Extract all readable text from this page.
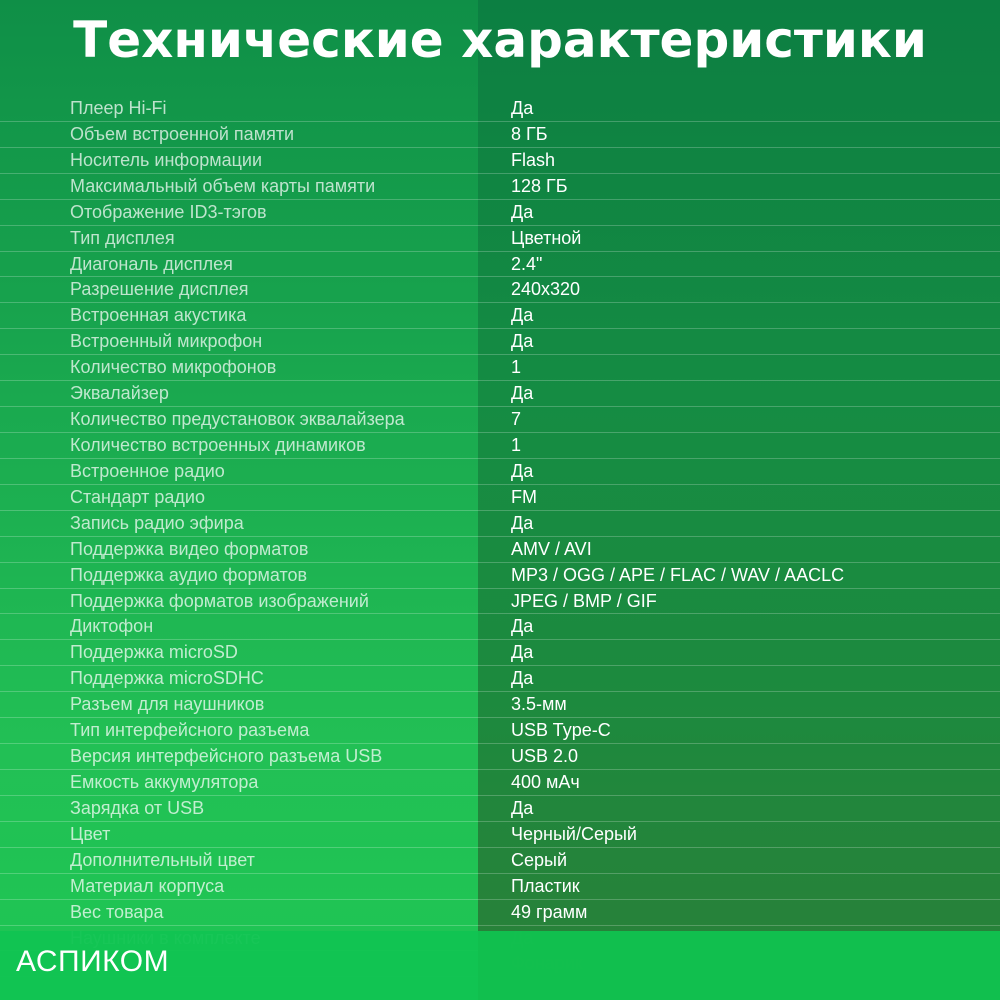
Технические характеристики
Плеер Hi-Fi	Да
Объем встроенной памяти	8 ГБ
Носитель информации	Flash
Максимальный объем карты памяти	128 ГБ
Отображение ID3-тэгов	Да
Тип дисплея	Цветной
Диагональ дисплея	2.4"
Разрешение дисплея	240x320
Встроенная акустика	Да
Встроенный микрофон	Да
Количество микрофонов	1
Эквалайзер	Да
Количество предустановок эквалайзера	7
Количество встроенных динамиков	1
Встроенное радио	Да
Стандарт радио	FM
Запись радио эфира	Да
Поддержка видео форматов	AMV / AVI
Поддержка аудио форматов	MP3 / OGG / APE / FLAC / WAV / AACLC
Поддержка форматов изображений	JPEG / BMP / GIF
Диктофон	Да
Поддержка microSD	Да
Поддержка microSDHC	Да
Разъем для наушников	3.5-мм
Тип интерфейсного разъема	USB Type-C
Версия интерфейсного разъема USB	USB 2.0
Емкость аккумулятора	400 мАч
Зарядка от USB	Да
Цвет	Черный/Серый
Дополнительный цвет	Серый
Материал корпуса	Пластик
Вес товара	49 грамм
АСПИКОМ
